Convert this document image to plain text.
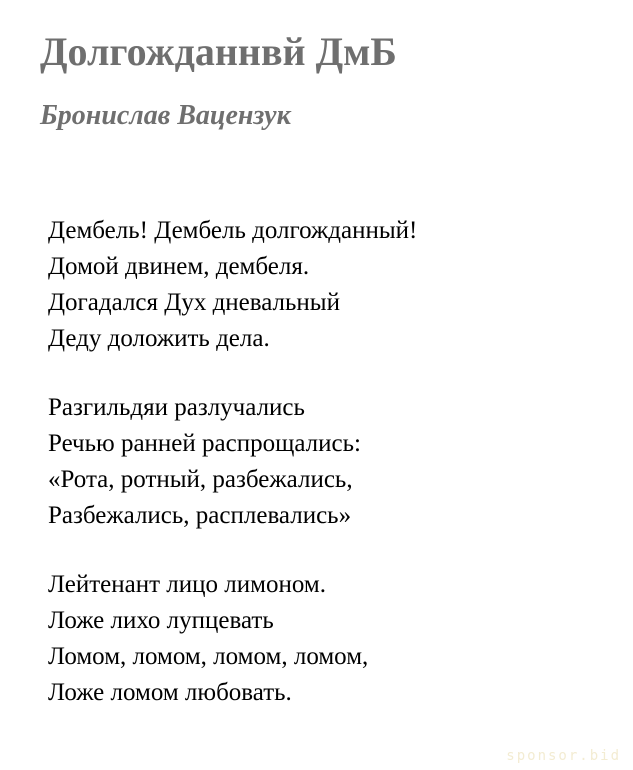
Долгожданнвй ДмБ
Бронислав Вацензук
Дембель! Дембель долгожданный!
Домой двинем, дембеля.
Догадался Дух дневальный
Деду доложить дела.
Разгильдяи разлучались
Речью ранней распрощались:
«Рота, ротный, разбежались,
Разбежались, расплевались»
Лейтенант лицо лимоном.
Ложе лихо лупцевать
Ломом, ломом, ломом, ломом,
Ложе ломом любовать.
sponsor.bid
